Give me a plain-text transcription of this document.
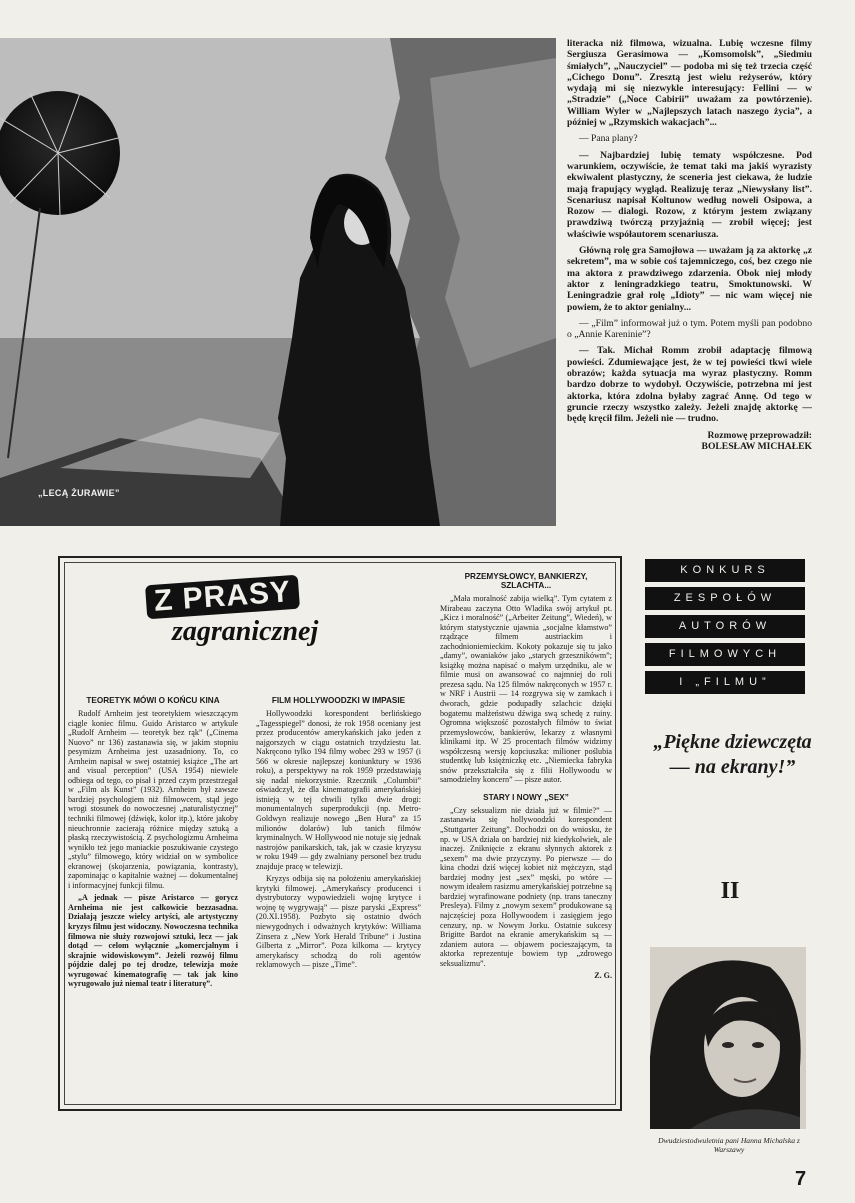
„LECĄ ŻURAWIE”

literacka niż filmowa, wizualna. Lubię wczesne filmy Sergiusza Gerasimowa — „Komsomolsk”, „Siedmiu śmiałych”, „Nauczyciel” — podoba mi się też trzecia część „Cichego Donu”. Zresztą jest wielu reżyserów, który wydają mi się niezwykle interesujący: Fellini — w „Stradzie” („Noce Cabirii” uważam za powtórzenie). William Wyler w „Najlepszych latach naszego życia”, a później w „Rzymskich wakacjach”...

— Pana plany?

— Najbardziej lubię tematy współczesne. Pod warunkiem, oczywiście, że temat taki ma jakiś wyrazisty ekwiwalent plastyczny, że sceneria jest ciekawa, że ludzie mają frapujący wygląd. Realizuję teraz „Niewysłany list”. Scenariusz napisał Koltunow według noweli Osipowa, a Rozow — dialogi. Rozow, z którym jestem związany prawdziwą twórczą przyjaźnią — zrobił więcej; jest właściwie współautorem scenariusza.

Główną rolę gra Samojłowa — uważam ją za aktorkę „z sekretem”, ma w sobie coś tajemniczego, coś, bez czego nie ma aktora z prawdziwego zdarzenia. Obok niej młody aktor z leningradzkiego teatru, Smoktunowski. W Leningradzie grał rolę „Idioty” — nic wam więcej nie powiem, że to aktor genialny...

— „Film” informował już o tym. Potem myśli pan podobno o „Annie Kareninie”?

— Tak. Michał Romm zrobił adaptację filmową powieści. Zdumiewające jest, że w tej powieści tkwi wiele obrazów; każda sytuacja ma wyraz plastyczny. Romm bardzo dobrze to wydobył. Oczywiście, potrzebna mi jest aktorka, która zdolna byłaby zagrać Annę. Od tego w gruncie rzeczy wszystko zależy. Jeżeli znajdę aktorkę — będę kręcił film. Jeżeli nie — trudno.

Rozmowę przeprowadził:
BOLESŁAW MICHAŁEK

Z PRASY
zagranicznej
TEORETYK MÓWI O KOŃCU KINA

Rudolf Arnheim jest teoretykiem wieszczącym ciągle koniec filmu. Guido Aristarco w artykule „Rudolf Arnheim — teoretyk bez rąk” („Cinema Nuovo” nr 136) zastanawia się, w jakim stopniu pesymizm Arnheima jest uzasadniony. To, co Arnheim napisał w swej ostatniej książce „The art and visual perception” (USA 1954) niewiele odbiega od tego, co pisał i przed czym przestrzegał w „Film als Kunst” (1932). Arnheim był zawsze bardziej psychologiem niż filmowcem, stąd jego wrogi stosunek do nowoczesnej „naturalistycznej” techniki filmowej (dźwięk, kolor itp.), które jakoby nieuchronnie zacierają różnice między sztuką a płaską rzeczywistością. Z psychologizmu Arnheima wynikło też jego maniackie poszukiwanie czystego „stylu” filmowego, który widział on w symbolice ekranowej (skojarzenia, powiązania, kontrasty), zapominając o kapitalnie ważnej — dokumentalnej i informacyjnej funkcji filmu.

„A jednak — pisze Aristarco — gorycz Arnheima nie jest całkowicie bezzasadna. Działają jeszcze wielcy artyści, ale artystyczny kryzys filmu jest widoczny. Nowoczesna technika filmowa nie służy rozwojowi sztuki, lecz — jak dotąd — celom wyłącznie „komercjalnym i skrajnie widowiskowym”. Jeżeli rozwój filmu pójdzie dalej po tej drodze, telewizja może wyrugować kinematografię — tak jak kino wyrugowało już niemal teatr i literaturę”.

FILM HOLLYWOODZKI W IMPASIE

Hollywoodzki korespondent berlińskiego „Tagesspiegel” donosi, że rok 1958 oceniany jest przez producentów amerykańskich jako jeden z najgorszych w ciągu ostatnich trzydziestu lat. Nakręcono tylko 194 filmy wobec 293 w 1957 (i 566 w okresie najlepszej koniunktury w 1936 roku), a perspektywy na rok 1959 przedstawiają się nadal niekorzystnie. Rzecznik „Columbii” oświadczył, że dla kinematografii amerykańskiej istnieją w tej chwili tylko dwie drogi: monumentalnych superprodukcji (np. Metro-Goldwyn realizuje nowego „Ben Hura” za 15 milionów dolarów) lub tanich filmów kryminalnych. W Hollywood nie notuje się jednak nastrojów panikarskich, tak, jak w czasie kryzysu w roku 1949 — gdy zwalniany personel bez trudu znajduje pracę w telewizji.

Kryzys odbija się na położeniu amerykańskiej krytyki filmowej. „Amerykańscy producenci i dystrybutorzy wypowiedzieli wojnę krytyce i wojnę tę wygrywają” — pisze paryski „Express” (20.XI.1958). Pozbyto się ostatnio dwóch niewygodnych i odważnych krytyków: Williama Zinsera z „New York Herald Tribune” i Justina Gilberta z „Mirror”. Poza kilkoma — krytycy amerykańscy schodzą do roli agentów reklamowych — pisze „Time”.

PRZEMYSŁOWCY, BANKIERZY, SZLACHTA...

„Mała moralność zabija wielką”. Tym cytatem z Mirabeau zaczyna Otto Wladika swój artykuł pt. „Kicz i moralność” („Arbeiter Zeitung”, Wiedeń), w którym statystycznie ujawnia „socjalne kłamstwo” rządzące filmem austriackim i zachodnioniemieckim. Kokoty pokazuje się tu jako „damy”, owaniaków jako „starych grzesznikówm”; książkę można napisać o małym urzędniku, ale w filmie musi on awansować co najmniej do roli prezesa sądu. Na 125 filmów nakręconych w 1957 r. w NRF i Austrii — 14 rozgrywa się w zamkach i dworach, gdzie podupadły szlachcic dzięki bogatemu małżeństwu dźwiga swą schedę z ruiny. Ogromna większość pozostałych filmów to świat przemysłowców, bankierów, lekarzy z własnymi klinikami itp. W 25 procentach filmów widzimy współczesną wersję kopciuszka: milioner poślubia studentkę lub księżniczkę etc. „Niemiecka fabryka snów przekształciła się z filii Hollywoodu w samodzielny koncern” — pisze autor.

STARY I NOWY „SEX”

„Czy seksualizm nie działa już w filmie?” — zastanawia się hollywoodzki korespondent „Stuttgarter Zeitung”. Dochodzi on do wniosku, że np. w USA działa on bardziej niż kiedykolwiek, ale inaczej. Zniknięcie z ekranu słynnych aktorek z „sexem” ma dwie przyczyny. Po pierwsze — do kina chodzi dziś więcej kobiet niż mężczyzn, stąd bardziej modny jest „sex” męski, po wtóre — nowym ideałem rasizmu amerykańskiej potrzebne są bardziej wyrafinowane podniety (np. trans taneczny Presleya). Filmy z „nowym sexem” produkowane są najczęściej poza Hollywoodem i zasięgiem jego cenzury, np. w Nowym Jorku. Ostatnie sukcesy Brigitte Bardot na ekranie amerykańskim są — zdaniem autora — objawem pocieszającym, ta aktorka reprezentuje bowiem typ „zdrowego seksualizmu”.

Z. G.
KONKURS
ZESPOŁÓW
AUTORÓW
FILMOWYCH
I „FILMU”
„Piękne dziewczęta — na ekrany!”
II
Dwudziestodwuletnia pani Hanna Michalska z Warszawy
7
